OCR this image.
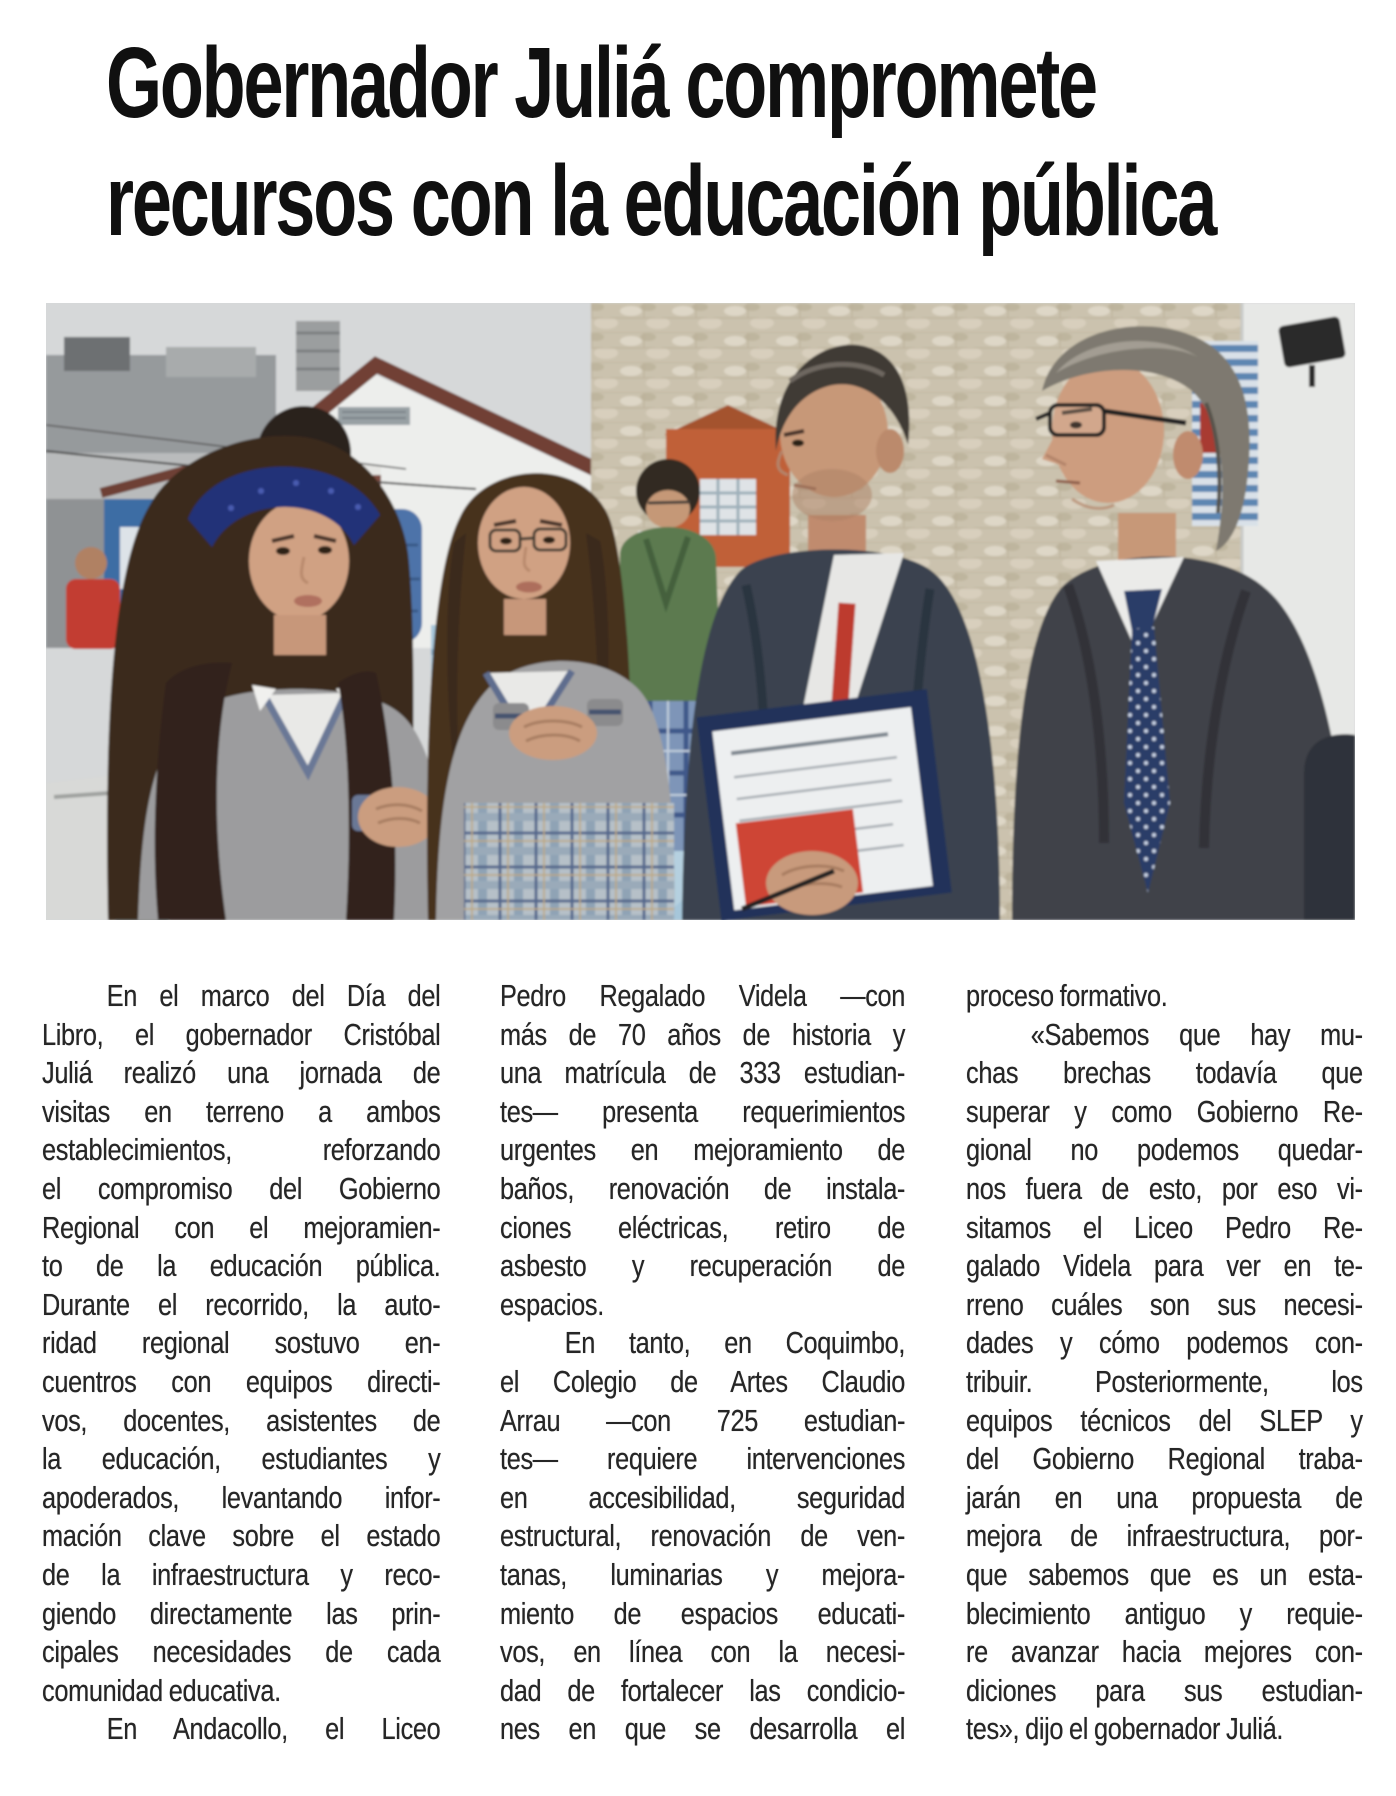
Gobernador Juliá compromete
recursos con la educación pública
En el marco del Día del
Libro, el gobernador Cristóbal
Juliá realizó una jornada de
visitas en terreno a ambos
establecimientos, reforzando
el compromiso del Gobierno
Regional con el mejoramien-
to de la educación pública.
Durante el recorrido, la auto-
ridad regional sostuvo en-
cuentros con equipos directi-
vos, docentes, asistentes de
la educación, estudiantes y
apoderados, levantando infor-
mación clave sobre el estado
de la infraestructura y reco-
giendo directamente las prin-
cipales necesidades de cada
comunidad educativa.
En Andacollo, el Liceo
Pedro Regalado Videla —con
más de 70 años de historia y
una matrícula de 333 estudian-
tes— presenta requerimientos
urgentes en mejoramiento de
baños, renovación de instala-
ciones eléctricas, retiro de
asbesto y recuperación de
espacios.
En tanto, en Coquimbo,
el Colegio de Artes Claudio
Arrau —con 725 estudian-
tes— requiere intervenciones
en accesibilidad, seguridad
estructural, renovación de ven-
tanas, luminarias y mejora-
miento de espacios educati-
vos, en línea con la necesi-
dad de fortalecer las condicio-
nes en que se desarrolla el
proceso formativo.
«Sabemos que hay mu-
chas brechas todavía que
superar y como Gobierno Re-
gional no podemos quedar-
nos fuera de esto, por eso vi-
sitamos el Liceo Pedro Re-
galado Videla para ver en te-
rreno cuáles son sus necesi-
dades y cómo podemos con-
tribuir. Posteriormente, los
equipos técnicos del SLEP y
del Gobierno Regional traba-
jarán en una propuesta de
mejora de infraestructura, por-
que sabemos que es un esta-
blecimiento antiguo y requie-
re avanzar hacia mejores con-
diciones para sus estudian-
tes», dijo el gobernador Juliá.
